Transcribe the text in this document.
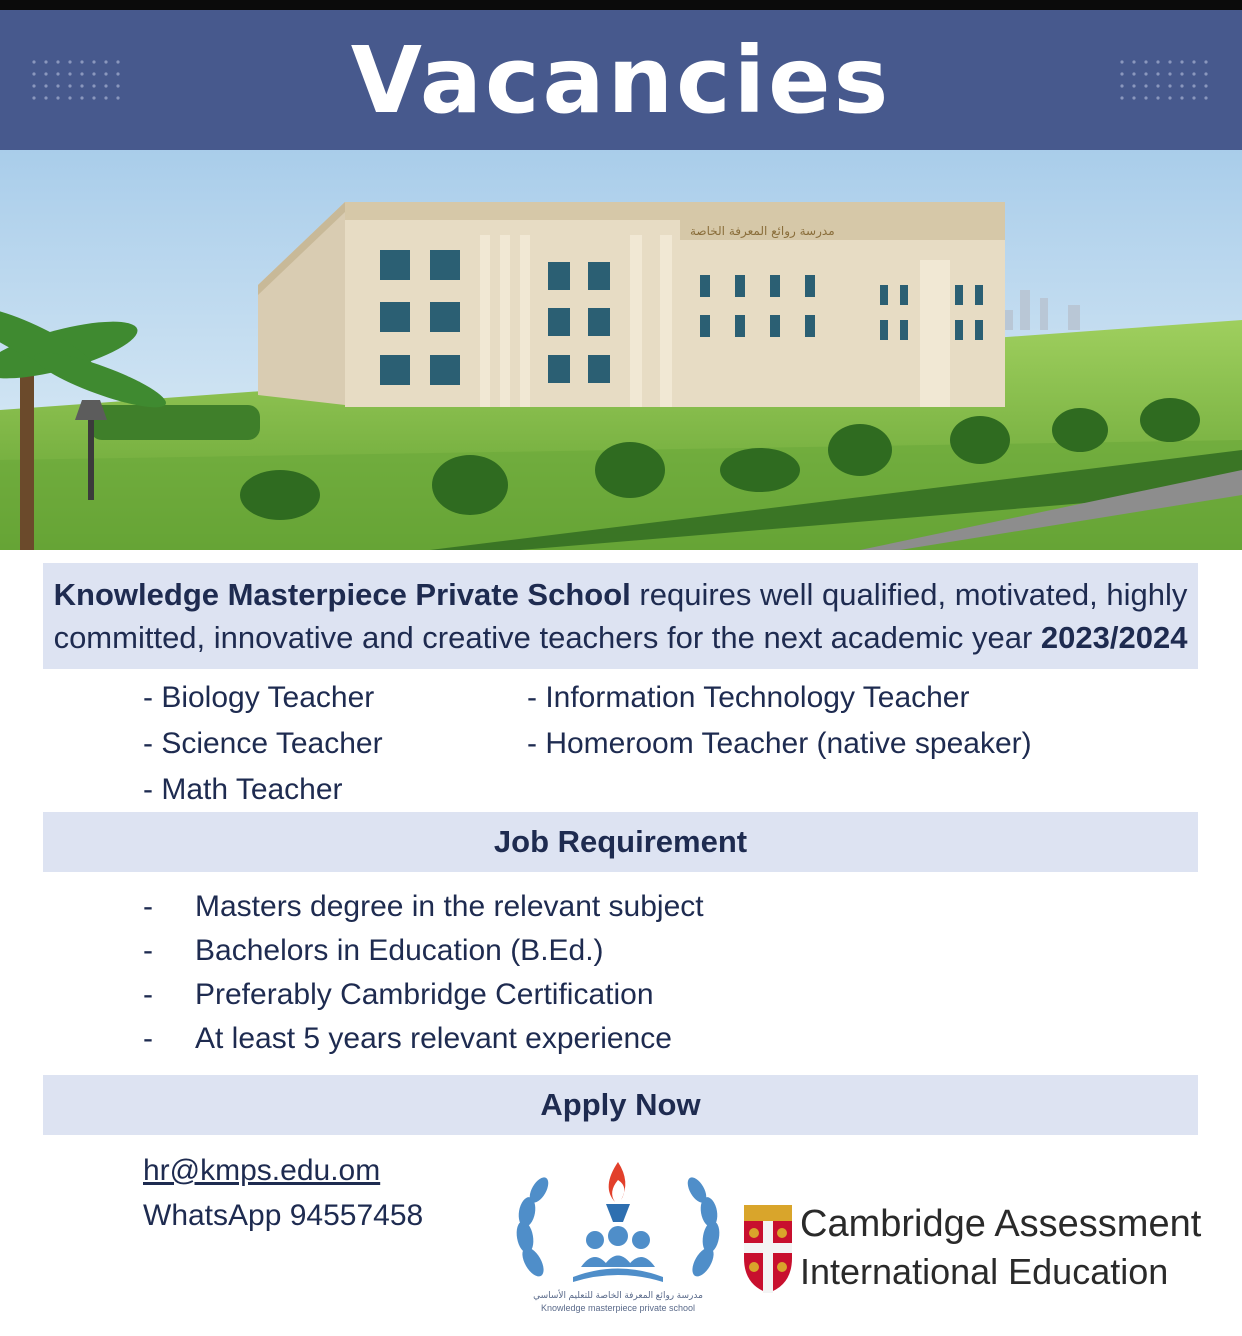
Vacancies
مدرسة روائع المعرفة الخاصة
Knowledge Masterpiece Private School requires well qualified, motivated, highly
committed, innovative and creative teachers for the next academic year 2023/2024
- Biology Teacher
- Science Teacher
- Math Teacher
- Information Technology Teacher
- Homeroom Teacher (native speaker)
Job Requirement
-	Masters degree in the relevant subject
-	Bachelors in Education (B.Ed.)
-	Preferably Cambridge Certification
-	At least 5 years relevant experience
Apply Now
hr@kmps.edu.om
WhatsApp 94557458
مدرسة روائع المعرفة الخاصة للتعليم الأساسي
Knowledge masterpiece private school
Cambridge Assessment
International Education
